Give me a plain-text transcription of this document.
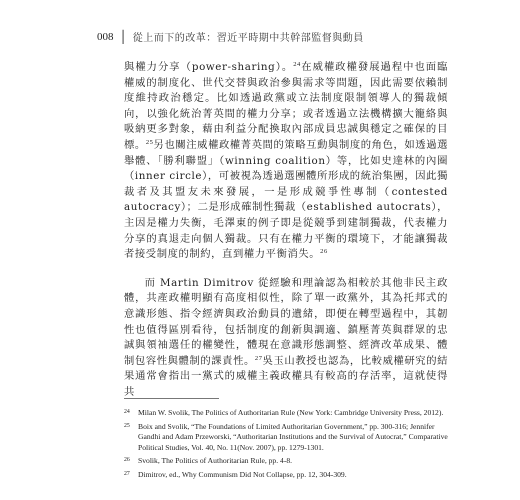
008 │ 從上而下的改革：習近平時期中共幹部監督與動員

與權力分享（power-sharing）。$^{24}$在威權政權發展過程中也面臨權威的制度化、世代交替與政治參與需求等問題，因此需要依賴制度維持政治穩定。比如透過政黨或立法制度限制領導人的獨裁傾向，以強化統治菁英間的權力分享；或者透過立法機構擴大籠絡與吸納更多對象，藉由利益分配換取內部成員忠誠與穩定之確保的目標。$^{25}$另也關注威權政權菁英間的策略互動與制度的角色，如透過選舉體、「勝利聯盟」（winning coalition）等，比如史達林的內圈（inner circle），可被視為透過選團體所形成的統治集團，因此獨裁者及其盟友未來發展，一是形成競爭性專制（contested autocracy）；二是形成確制性獨裁（established autocrats），主因是權力失衡，毛澤東的例子即是從競爭到建制獨裁，代表權力分享的真退走向個人獨裁。只有在權力平衡的環境下，才能讓獨裁者接受制度的制約，直到權力平衡消失。$^{26}$

而 Martin Dimitrov 從經驗和理論認為相較於其他非民主政體，共產政權明顯有高度相似性，除了單一政黨外，其為托邦式的意識形態、指令經濟與政治動員的遺緒，即便在轉型過程中，其韌性也值得區別看待，包括制度的創新與調適、鎮壓菁英與群眾的忠誠與領袖選任的權變性，體現在意識形態調整、經濟改革成果、體制包容性與體制的課責性。$^{27}$吳玉山教授也認為，比較威權研究的結果通常會指出一黨式的威權主義政權具有較高的存活率，這就使得共

24	Milan W. Svolik, The Politics of Authoritarian Rule (New York: Cambridge University Press, 2012).
25	Boix and Svolik, “The Foundations of Limited Authoritarian Government,” pp. 300-316; Jennifer Gandhi and Adam Przeworski, “Authoritarian Institutions and the Survival of Autocrat,” Comparative Political Studies, Vol. 40, No. 11(Nov. 2007), pp. 1279-1301.
26	Svolik, The Politics of Authoritarian Rule, pp. 4-8.
27	Dimitrov, ed., Why Communism Did Not Collapse, pp. 12, 304-309.
